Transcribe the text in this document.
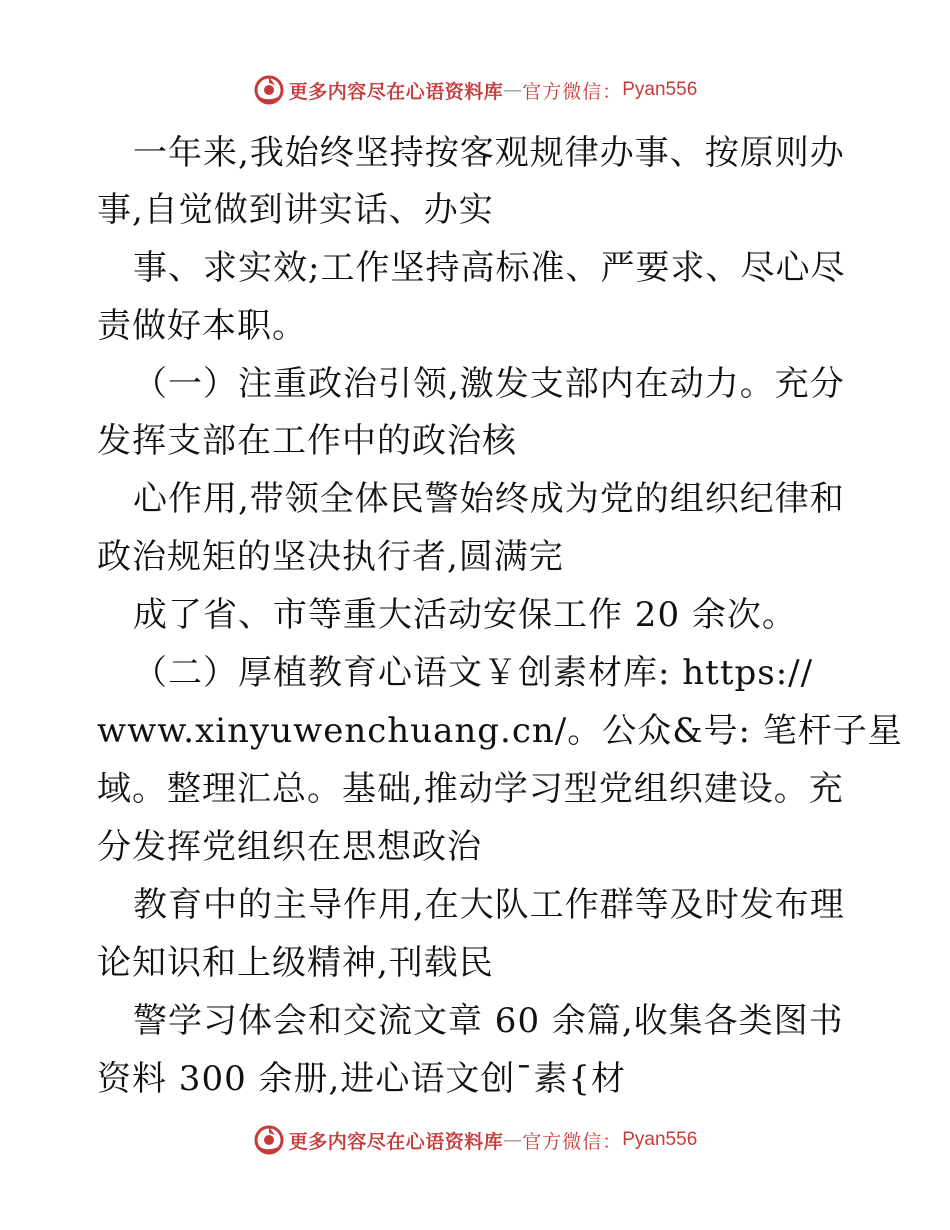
更多内容尽在心语资料库 — 官方微信： Pyan556
一年来,我始终坚持按客观规律办事、按原则办
事,自觉做到讲实话、办实
事、求实效;工作坚持高标准、严要求、尽心尽
责做好本职。
（一）注重政治引领,激发支部内在动力。充分
发挥支部在工作中的政治核
心作用,带领全体民警始终成为党的组织纪律和
政治规矩的坚决执行者,圆满完
成了省、市等重大活动安保工作 20 余次。
（二）厚植教育心语文￥创素材库: https://
www.xinyuwenchuang.cn/。公众&号: 笔杆子星
域。整理汇总。基础,推动学习型党组织建设。充
分发挥党组织在思想政治
教育中的主导作用,在大队工作群等及时发布理
论知识和上级精神,刊载民
警学习体会和交流文章 60 余篇,收集各类图书
资料 300 余册,进心语文创¯素{材
更多内容尽在心语资料库 — 官方微信： Pyan556
